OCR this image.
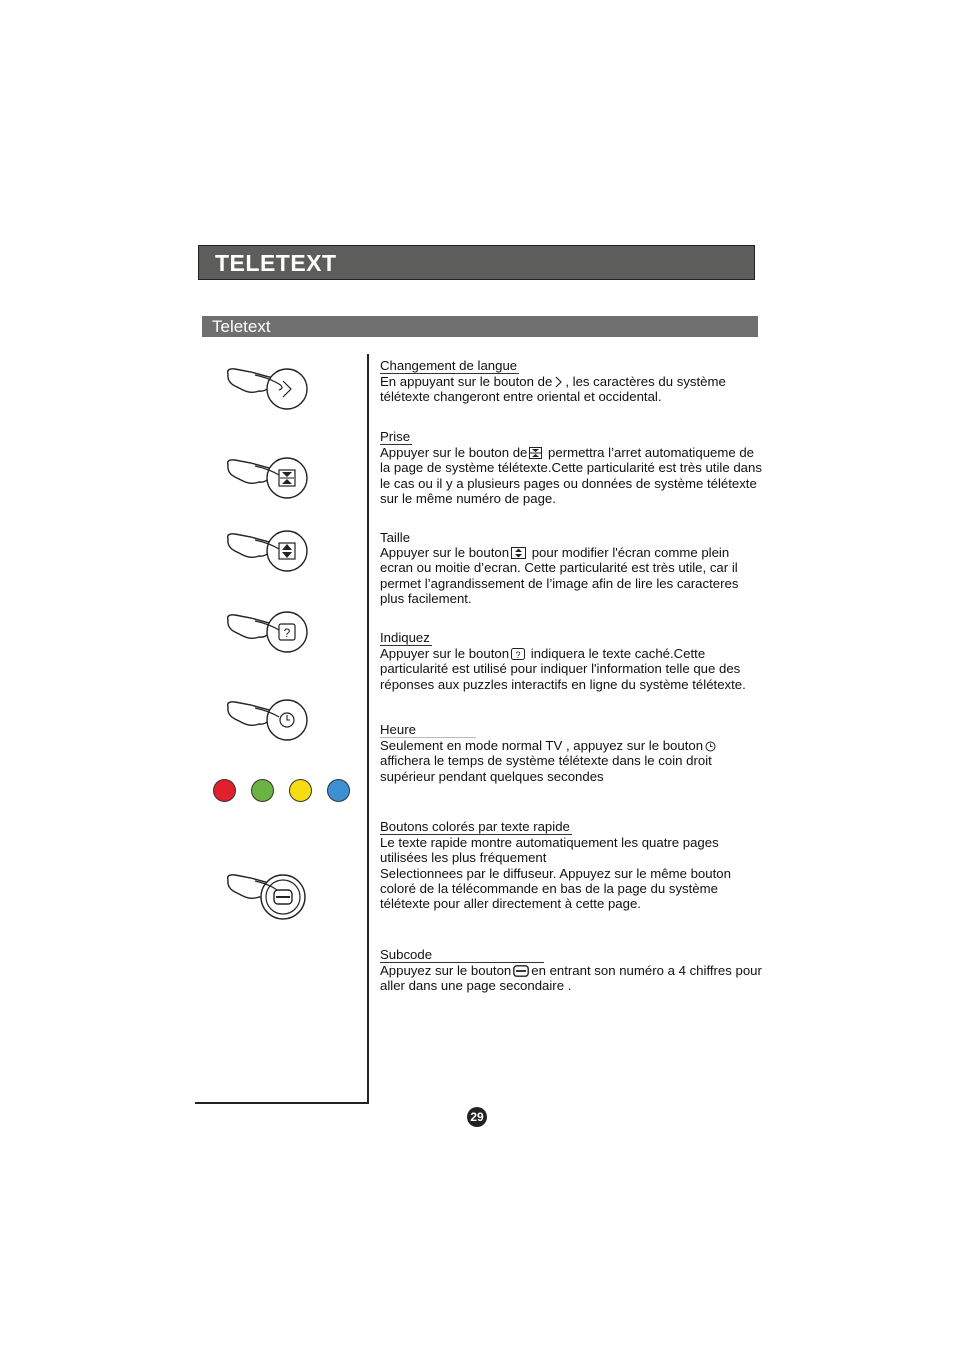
TELETEXT
Teletext
?
Changement de langue
En appuyant sur le bouton de , les caractères du système télétexte changeront entre oriental et occidental.
Prise
Appuyer sur le bouton de permettra l’arret automatiqueme de la page de système télétexte.Cette particularité est très utile dans le cas ou il y a plusieurs pages ou données de système télétexte sur le même numéro de page.
Taille
Appuyer sur le bouton pour modifier l'écran comme plein ecran ou moitie d’ecran. Cette particularité est très utile, car il permet l’agrandissement de l’image afin de lire les caracteres plus facilement.
Indiquez
Appuyer sur le bouton ? indiquera le texte caché.Cette particularité est utilisé pour indiquer l'information telle que des réponses aux puzzles interactifs en ligne du système télétexte.
Heure
Seulement en mode normal TV , appuyez sur le bouton affichera le temps de système télétexte dans le coin droit supérieur pendant quelques secondes
Boutons colorés par texte rapide
Le texte rapide montre automatiquement les quatre pages utilisées les plus fréquement
Selectionnees par le diffuseur. Appuyez sur le même bouton coloré de la télécommande en bas de la page du système télétexte pour aller directement à cette page.
Subcode
Appuyez sur le bouton en entrant son numéro a 4 chiffres pour aller dans une page secondaire .
29
